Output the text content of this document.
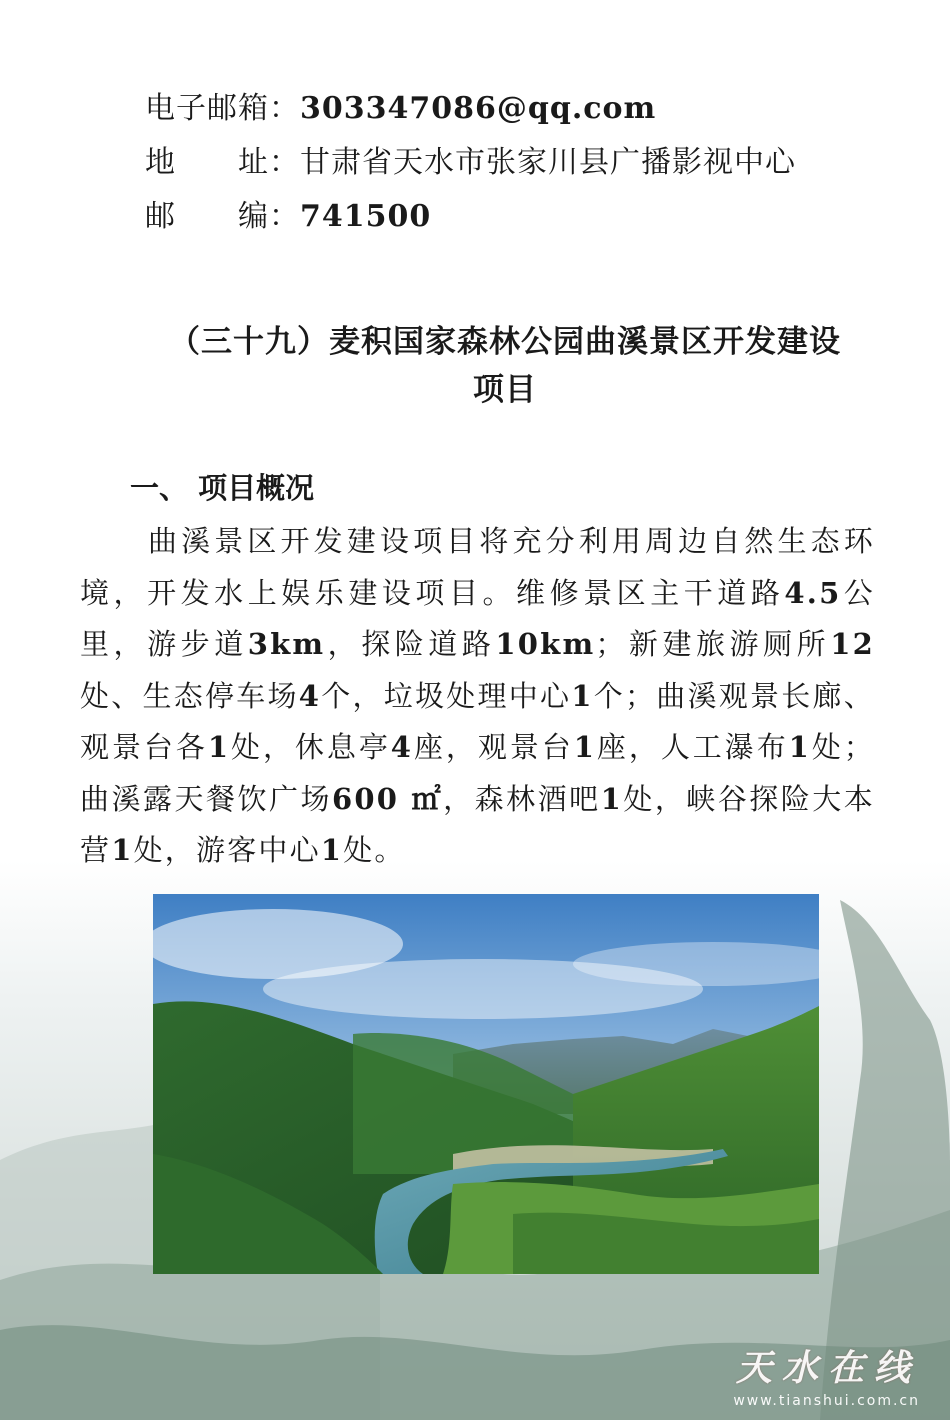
电子邮箱：303347086@qq.com
地　　址：甘肃省天水市张家川县广播影视中心
邮　　编：741500
（三十九）麦积国家森林公园曲溪景区开发建设
项目
一、 项目概况
曲溪景区开发建设项目将充分利用周边自然生态环境，开发水上娱乐建设项目。维修景区主干道路4.5公里，游步道3km，探险道路10km；新建旅游厕所12处、生态停车场4个，垃圾处理中心1个；曲溪观景长廊、观景台各1处，休息亭4座，观景台1座，人工瀑布1处；曲溪露天餐饮广场600 ㎡，森林酒吧1处，峡谷探险大本营1处，游客中心1处。
天水在线
www.tianshui.com.cn
